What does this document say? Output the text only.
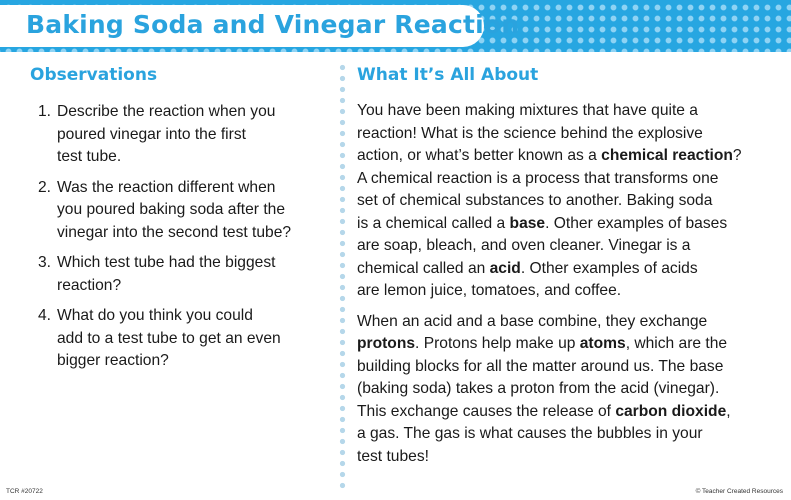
Baking Soda and Vinegar Reaction
Observations
1. Describe the reaction when you
poured vinegar into the first
test tube.
2. Was the reaction different when
you poured baking soda after the
vinegar into the second test tube?
3. Which test tube had the biggest
reaction?
4. What do you think you could
add to a test tube to get an even
bigger reaction?
What It’s All About

You have been making mixtures that have quite a
reaction! What is the science behind the explosive
action, or what’s better known as a chemical reaction?
A chemical reaction is a process that transforms one
set of chemical substances to another. Baking soda
is a chemical called a base. Other examples of bases
are soap, bleach, and oven cleaner. Vinegar is a
chemical called an acid. Other examples of acids
are lemon juice, tomatoes, and coffee.

When an acid and a base combine, they exchange
protons. Protons help make up atoms, which are the
building blocks for all the matter around us. The base
(baking soda) takes a proton from the acid (vinegar).
This exchange causes the release of carbon dioxide,
a gas. The gas is what causes the bubbles in your
test tubes!

TCR #20722	© Teacher Created Resources
